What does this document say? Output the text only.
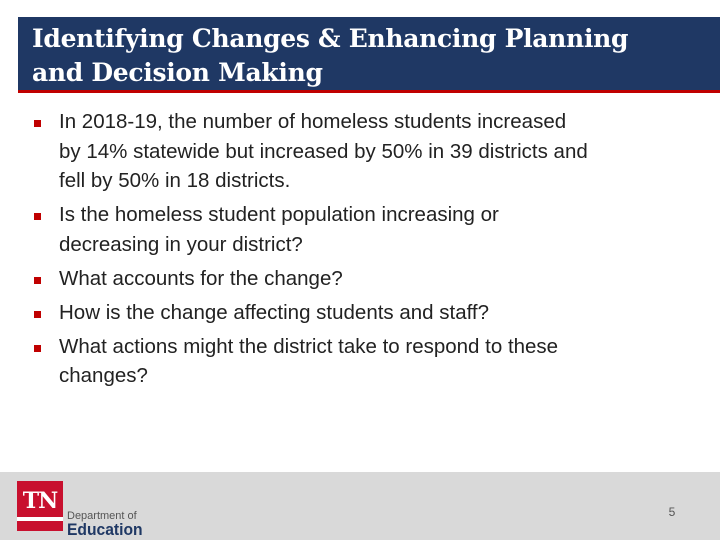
Identifying Changes & Enhancing Planning
and Decision Making
In 2018-19, the number of homeless students increased
by 14% statewide but increased by 50% in 39 districts and
fell by 50% in 18 districts.
Is the homeless student population increasing or
decreasing in your district?
What accounts for the change?
How is the change affecting students and staff?
What actions might the district take to respond to these
changes?
TN
Department of
Education
5
